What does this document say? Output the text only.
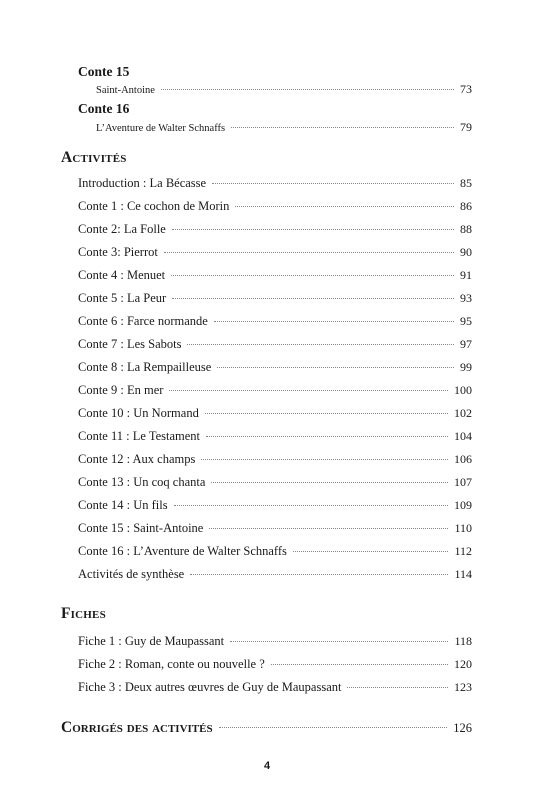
Conte 15
Saint-Antoine	73
Conte 16
L’Aventure de Walter Schnaffs	79
Activités
Introduction : La Bécasse	85
Conte 1 : Ce cochon de Morin	86
Conte 2: La Folle	88
Conte 3: Pierrot	90
Conte 4 : Menuet	91
Conte 5 : La Peur	93
Conte 6 : Farce normande	95
Conte 7 : Les Sabots	97
Conte 8 : La Rempailleuse	99
Conte 9 : En mer	100
Conte 10 : Un Normand	102
Conte 11 : Le Testament	104
Conte 12 : Aux champs	106
Conte 13 : Un coq chanta	107
Conte 14 : Un fils	109
Conte 15 : Saint-Antoine	110
Conte 16 : L’Aventure de Walter Schnaffs	112
Activités de synthèse	114
Fiches
Fiche 1 : Guy de Maupassant	118
Fiche 2 : Roman, conte ou nouvelle ?	120
Fiche 3 : Deux autres œuvres de Guy de Maupassant	123
Corrigés des activités	126
4
